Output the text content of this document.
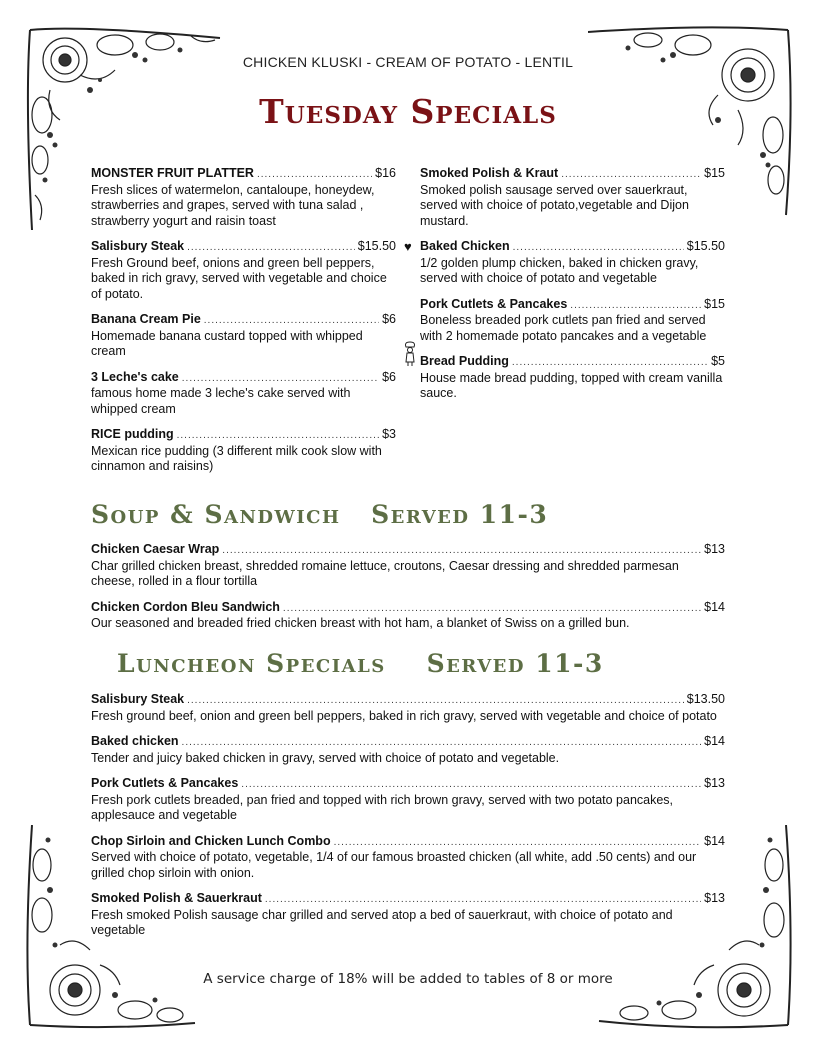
CHICKEN KLUSKI - CREAM OF POTATO - LENTIL
Tuesday Specials
MONSTER FRUIT PLATTER .....	$16
Fresh slices of watermelon, cantaloupe, honeydew, strawberries and grapes, served with tuna salad , strawberry yogurt and raisin toast
Salisbury Steak .....	$15.50
Fresh Ground beef, onions and green bell peppers, baked in rich gravy, served with vegetable and choice of potato.
Banana Cream Pie .....	$6
Homemade banana custard topped with whipped cream
3 Leche's cake .....	$6
famous home made 3 leche's cake served with whipped cream
RICE pudding .....	$3
Mexican rice pudding (3 different milk cook slow with cinnamon and raisins)
Smoked Polish & Kraut .....	$15
Smoked polish sausage served over sauerkraut, served with choice of potato,vegetable and Dijon mustard.
♥ Baked Chicken .....	$15.50
1/2 golden plump chicken, baked in chicken gravy, served with choice of potato and vegetable
Pork Cutlets & Pancakes .....	$15
Boneless breaded pork cutlets pan fried and served with 2 homemade potato pancakes and a vegetable
Bread Pudding .....	$5
House made bread pudding, topped with cream vanilla sauce.
Soup & Sandwich   Served 11-3
Chicken Caesar Wrap .....	$13
Char grilled chicken breast, shredded romaine lettuce, croutons, Caesar dressing and shredded parmesan cheese, rolled in a flour tortilla
Chicken Cordon Bleu Sandwich .....	$14
Our seasoned and breaded fried chicken breast with hot ham, a blanket of Swiss on a grilled bun.
Luncheon Specials    Served 11-3
Salisbury Steak .....	$13.50
Fresh ground beef, onion and green bell peppers, baked in rich gravy, served with vegetable and choice of potato
Baked chicken .....	$14
Tender and juicy baked chicken in gravy, served with choice of potato and vegetable.
Pork Cutlets & Pancakes .....	$13
Fresh pork cutlets breaded, pan fried and topped with rich brown gravy, served with two potato pancakes, applesauce and vegetable
Chop Sirloin and Chicken Lunch Combo .....	$14
Served with choice of potato, vegetable, 1/4 of our famous broasted chicken (all white, add .50 cents) and our grilled chop sirloin with onion.
Smoked Polish & Sauerkraut .....	$13
Fresh smoked Polish sausage char grilled and served atop a bed of sauerkraut, with choice of potato and vegetable
A service charge of 18% will be added to tables of 8 or more
